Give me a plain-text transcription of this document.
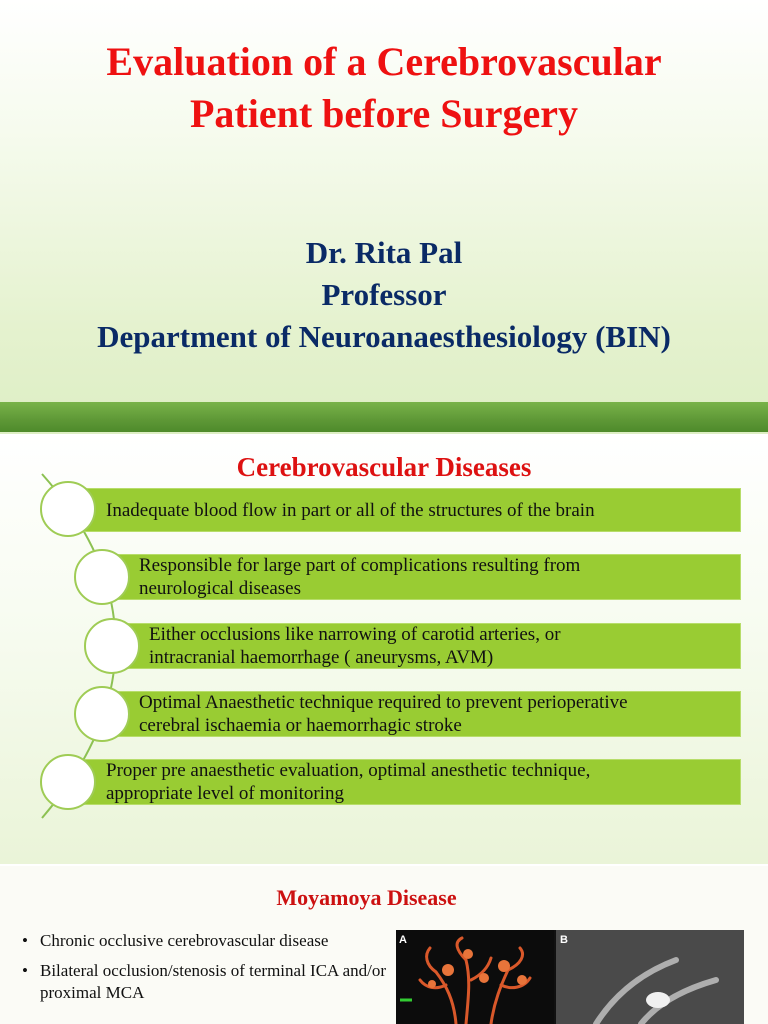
Evaluation of a Cerebrovascular
Patient before Surgery
Dr. Rita Pal
Professor
Department of Neuroanaesthesiology (BIN)
Cerebrovascular Diseases
Inadequate blood flow in part or all of the structures of the brain
Responsible for large part of complications resulting from
neurological diseases
Either occlusions like narrowing of carotid arteries, or
intracranial haemorrhage ( aneurysms, AVM)
Optimal Anaesthetic technique required to prevent perioperative
cerebral ischaemia or haemorrhagic stroke
Proper pre anaesthetic evaluation, optimal anesthetic technique,
appropriate level of monitoring
Moyamoya Disease
• Chronic occlusive cerebrovascular disease
• Bilateral occlusion/stenosis of terminal ICA and/or proximal MCA
A	B
